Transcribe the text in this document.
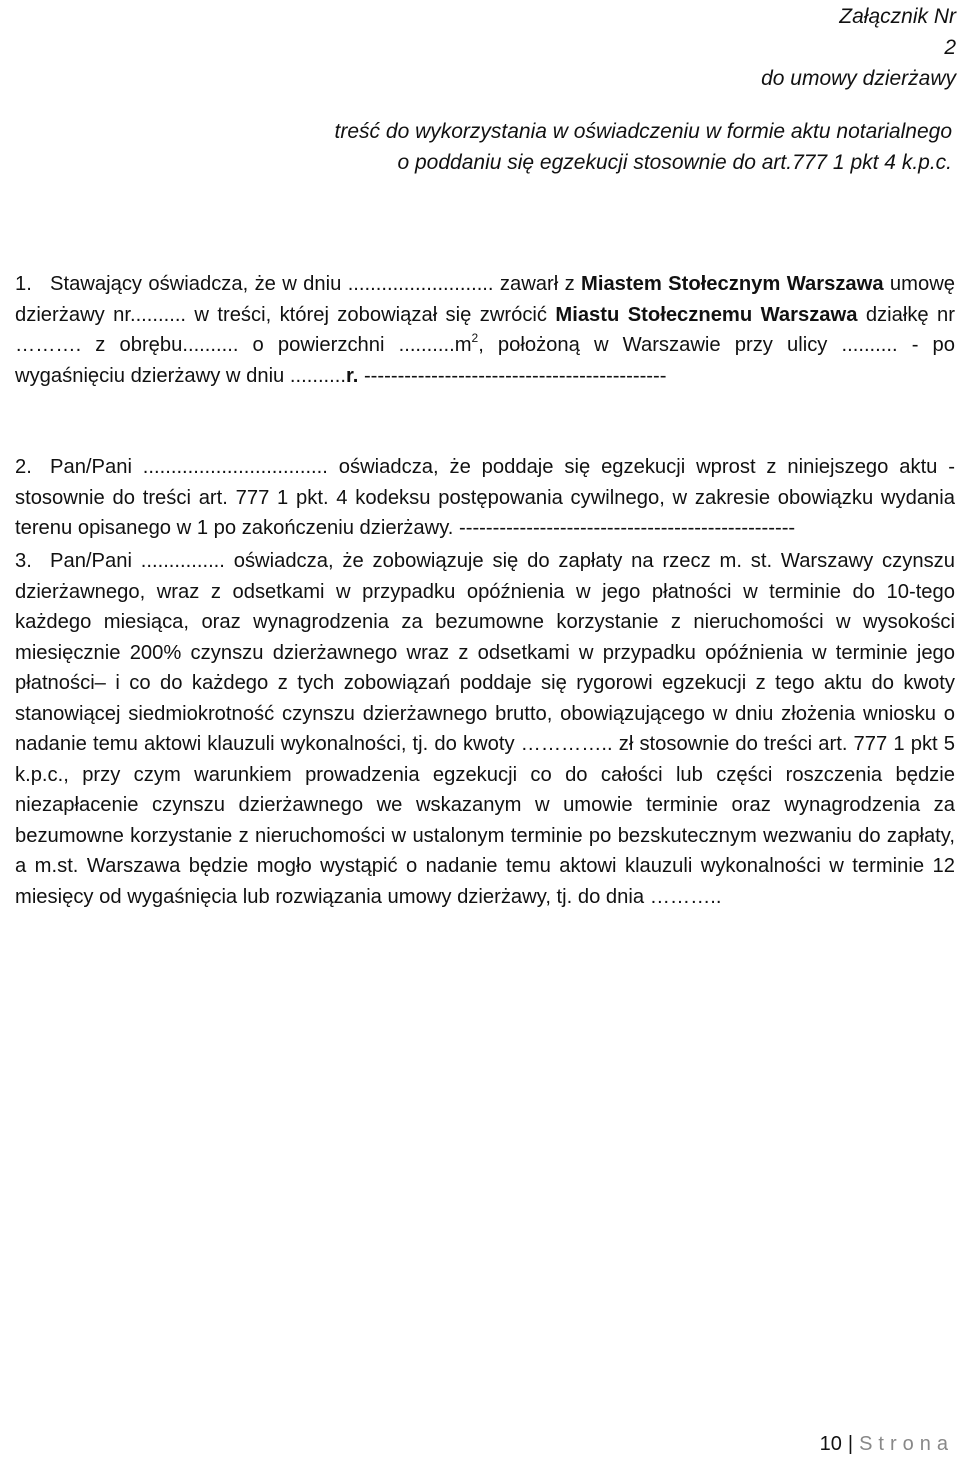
Załącznik Nr
2
do umowy dzierżawy
treść do wykorzystania w oświadczeniu w formie aktu notarialnego
o poddaniu się egzekucji stosownie do art.777 1 pkt 4 k.p.c.
1. Stawający oświadcza, że w dniu .......................... zawarł z Miastem Stołecznym Warszawa umowę dzierżawy nr.......... w treści, której zobowiązał się zwrócić Miastu Stołecznemu Warszawa działkę nr ………. z obrębu.......... o powierzchni $..........m^2$, położoną w Warszawie przy ulicy .......... - po wygaśnięciu dzierżawy w dniu ..........r. ---------------------------------------------
2. Pan/Pani ................................. oświadcza, że poddaje się egzekucji wprost z niniejszego aktu - stosownie do treści art. 777 1 pkt. 4 kodeksu postępowania cywilnego, w zakresie obowiązku wydania terenu opisanego w 1 po zakończeniu dzierżawy. --------------------------------------------------
3. Pan/Pani ............... oświadcza, że zobowiązuje się do zapłaty na rzecz m. st. Warszawy czynszu dzierżawnego, wraz z odsetkami w przypadku opóźnienia w jego płatności w terminie do 10-tego każdego miesiąca, oraz wynagrodzenia za bezumowne korzystanie z nieruchomości w wysokości miesięcznie 200% czynszu dzierżawnego wraz z odsetkami w przypadku opóźnienia w terminie jego płatności– i co do każdego z tych zobowiązań poddaje się rygorowi egzekucji z tego aktu do kwoty stanowiącej siedmiokrotność czynszu dzierżawnego brutto, obowiązującego w dniu złożenia wniosku o nadanie temu aktowi klauzuli wykonalności, tj. do kwoty ………….. zł stosownie do treści art. 777 1 pkt 5 k.p.c., przy czym warunkiem prowadzenia egzekucji co do całości lub części roszczenia będzie niezapłacenie czynszu dzierżawnego we wskazanym w umowie terminie oraz wynagrodzenia za bezumowne korzystanie z nieruchomości w ustalonym terminie po bezskutecznym wezwaniu do zapłaty, a m.st. Warszawa będzie mogło wystąpić o nadanie temu aktowi klauzuli wykonalności w terminie 12 miesięcy od wygaśnięcia lub rozwiązania umowy dzierżawy, tj. do dnia ………..
10 | Strona
